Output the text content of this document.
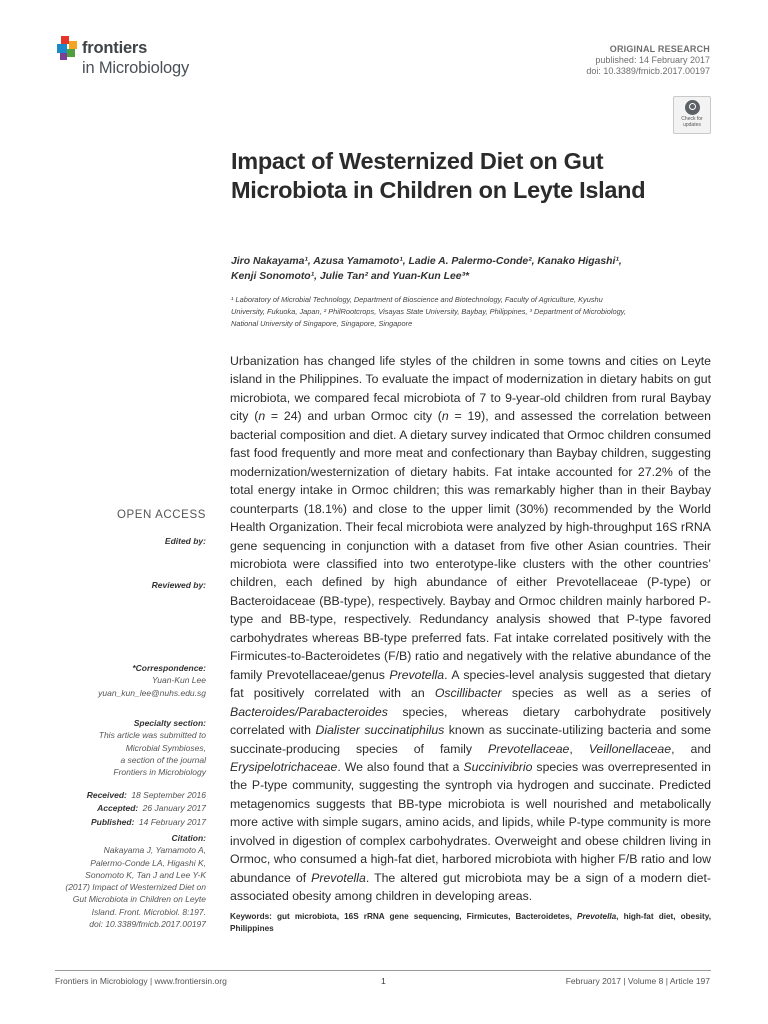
frontiers
in Microbiology
ORIGINAL RESEARCH
published: 14 February 2017
doi: 10.3389/fmicb.2017.00197
Check for
updates
Impact of Westernized Diet on Gut Microbiota in Children on Leyte Island
Jiro Nakayama¹, Azusa Yamamoto¹, Ladie A. Palermo-Conde², Kanako Higashi¹,
Kenji Sonomoto¹, Julie Tan² and Yuan-Kun Lee³*
¹ Laboratory of Microbial Technology, Department of Bioscience and Biotechnology, Faculty of Agriculture, Kyushu
University, Fukuoka, Japan, ² PhilRootcrops, Visayas State University, Baybay, Philippines, ³ Department of Microbiology,
National University of Singapore, Singapore, Singapore

Urbanization has changed life styles of the children in some towns and cities on Leyte island in the Philippines. To evaluate the impact of modernization in dietary habits on gut microbiota, we compared fecal microbiota of 7 to 9-year-old children from rural Baybay city (n = 24) and urban Ormoc city (n = 19), and assessed the correlation between bacterial composition and diet. A dietary survey indicated that Ormoc children consumed fast food frequently and more meat and confectionary than Baybay children, suggesting modernization/westernization of dietary habits. Fat intake accounted for 27.2% of the total energy intake in Ormoc children; this was remarkably higher than in their Baybay counterparts (18.1%) and close to the upper limit (30%) recommended by the World Health Organization. Their fecal microbiota were analyzed by high-throughput 16S rRNA gene sequencing in conjunction with a dataset from five other Asian countries. Their microbiota were classified into two enterotype-like clusters with the other countries’ children, each defined by high abundance of either Prevotellaceae (P-type) or Bacteroidaceae (BB-type), respectively. Baybay and Ormoc children mainly harbored P-type and BB-type, respectively. Redundancy analysis showed that P-type favored carbohydrates whereas BB-type preferred fats. Fat intake correlated positively with the Firmicutes-to-Bacteroidetes (F/B) ratio and negatively with the relative abundance of the family Prevotellaceae/genus Prevotella. A species-level analysis suggested that dietary fat positively correlated with an Oscillibacter species as well as a series of Bacteroides/Parabacteroides species, whereas dietary carbohydrate positively correlated with Dialister succinatiphilus known as succinate-utilizing bacteria and some succinate-producing species of family Prevotellaceae, Veillonellaceae, and Erysipelotrichaceae. We also found that a Succinivibrio species was overrepresented in the P-type community, suggesting the syntroph via hydrogen and succinate. Predicted metagenomics suggests that BB-type microbiota is well nourished and metabolically more active with simple sugars, amino acids, and lipids, while P-type community is more involved in digestion of complex carbohydrates. Overweight and obese children living in Ormoc, who consumed a high-fat diet, harbored microbiota with higher F/B ratio and low abundance of Prevotella. The altered gut microbiota may be a sign of a modern diet-associated obesity among children in developing areas.

Keywords: gut microbiota, 16S rRNA gene sequencing, Firmicutes, Bacteroidetes, Prevotella, high-fat diet, obesity, Philippines
OPEN ACCESS
Edited by:
Reviewed by:
*Correspondence:
Yuan-Kun Lee
yuan_kun_lee@nuhs.edu.sg
Specialty section:
This article was submitted to
Microbial Symbioses,
a section of the journal
Frontiers in Microbiology
Received: 18 September 2016
Accepted: 26 January 2017
Published: 14 February 2017
Citation:
Nakayama J, Yamamoto A,
Palermo-Conde LA, Higashi K,
Sonomoto K, Tan J and Lee Y-K
(2017) Impact of Westernized Diet on
Gut Microbiota in Children on Leyte
Island. Front. Microbiol. 8:197.
doi: 10.3389/fmicb.2017.00197
Frontiers in Microbiology | www.frontiersin.org	1	February 2017 | Volume 8 | Article 197
